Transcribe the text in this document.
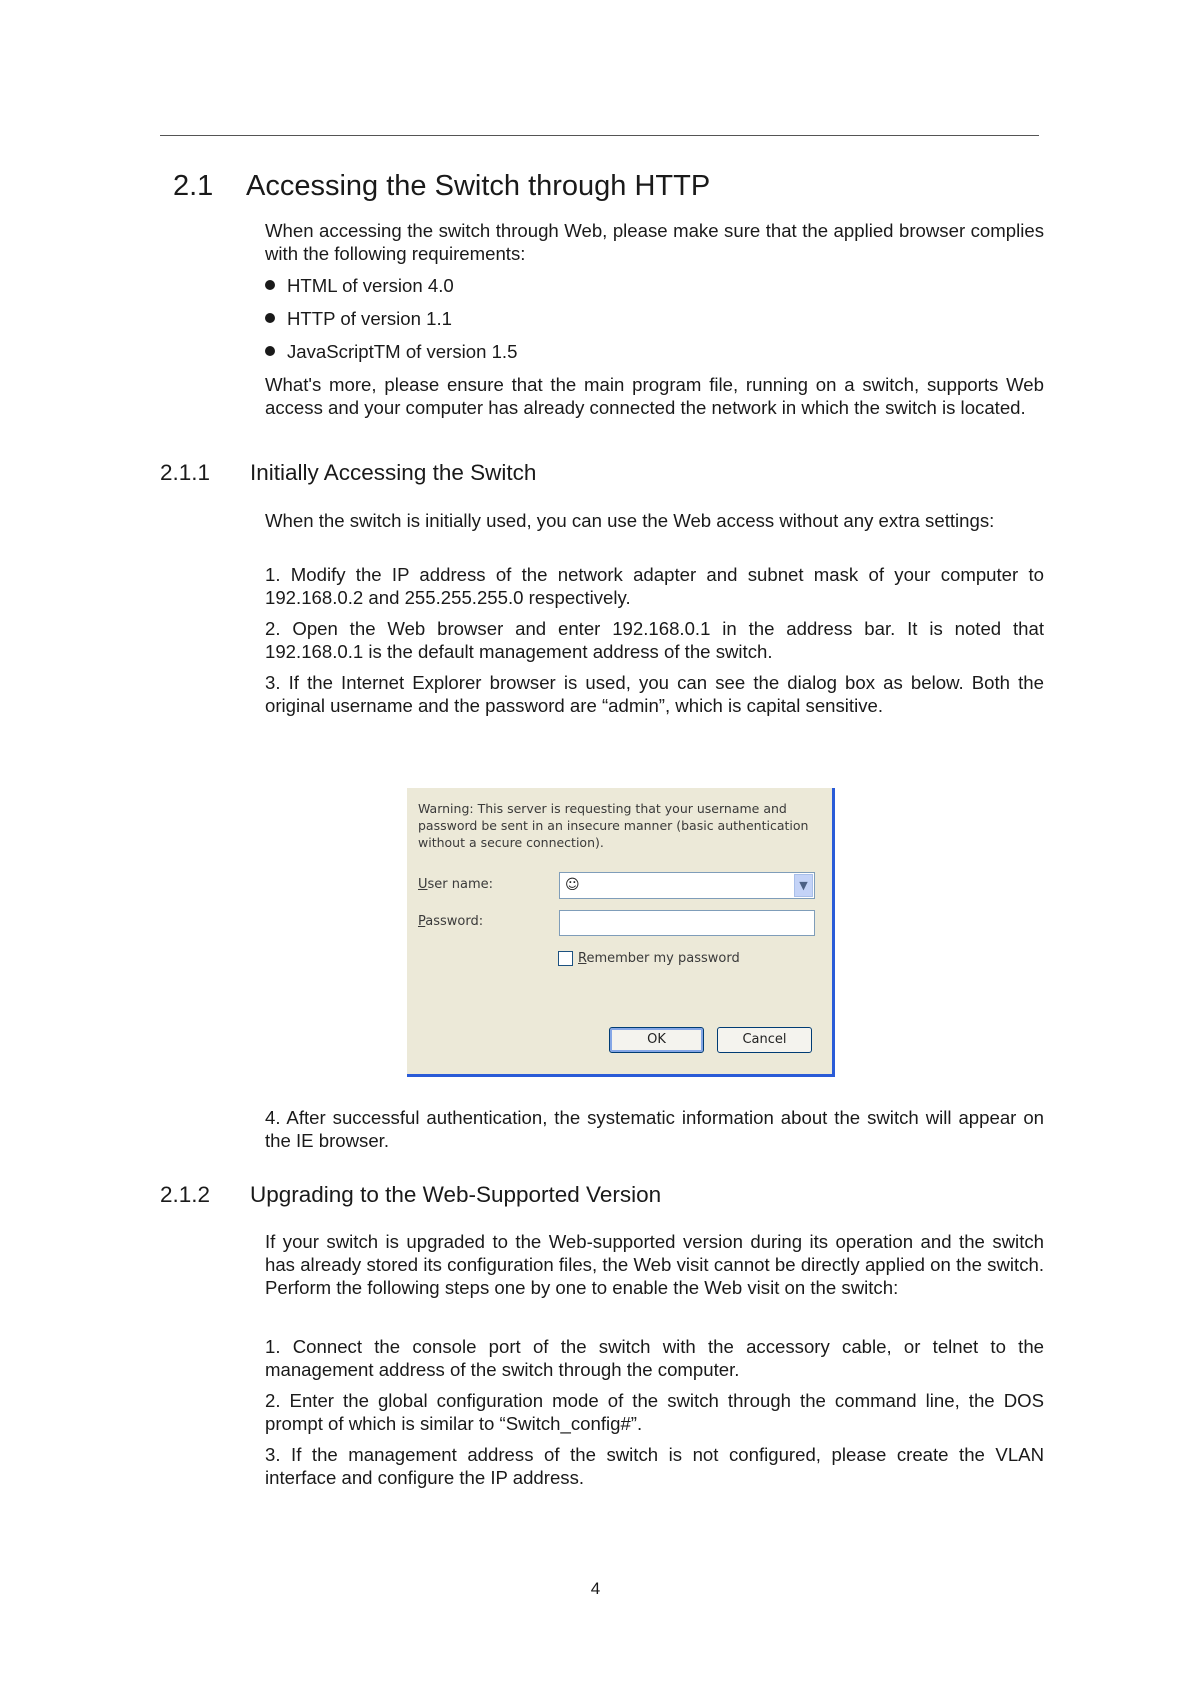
2.1 Accessing the Switch through HTTP
When accessing the switch through Web, please make sure that the applied browser complies with the following requirements:
HTML of version 4.0
HTTP of version 1.1
JavaScriptTM of version 1.5
What's more, please ensure that the main program file, running on a switch, supports Web access and your computer has already connected the network in which the switch is located.
2.1.1 Initially Accessing the Switch
When the switch is initially used, you can use the Web access without any extra settings:
1. Modify the IP address of the network adapter and subnet mask of your computer to 192.168.0.2 and 255.255.255.0 respectively.
2. Open the Web browser and enter 192.168.0.1 in the address bar. It is noted that 192.168.0.1 is the default management address of the switch.
3. If the Internet Explorer browser is used, you can see the dialog box as below. Both the original username and the password are “admin”, which is capital sensitive.
Warning: This server is requesting that your username and password be sent in an insecure manner (basic authentication without a secure connection).
User name:	☺	▼
Password:
Remember my password
OK	Cancel
4. After successful authentication, the systematic information about the switch will appear on the IE browser.
2.1.2 Upgrading to the Web-Supported Version
If your switch is upgraded to the Web-supported version during its operation and the switch has already stored its configuration files, the Web visit cannot be directly applied on the switch. Perform the following steps one by one to enable the Web visit on the switch:
1. Connect the console port of the switch with the accessory cable, or telnet to the management address of the switch through the computer.
2. Enter the global configuration mode of the switch through the command line, the DOS prompt of which is similar to “Switch_config#”.
3. If the management address of the switch is not configured, please create the VLAN interface and configure the IP address.
4
